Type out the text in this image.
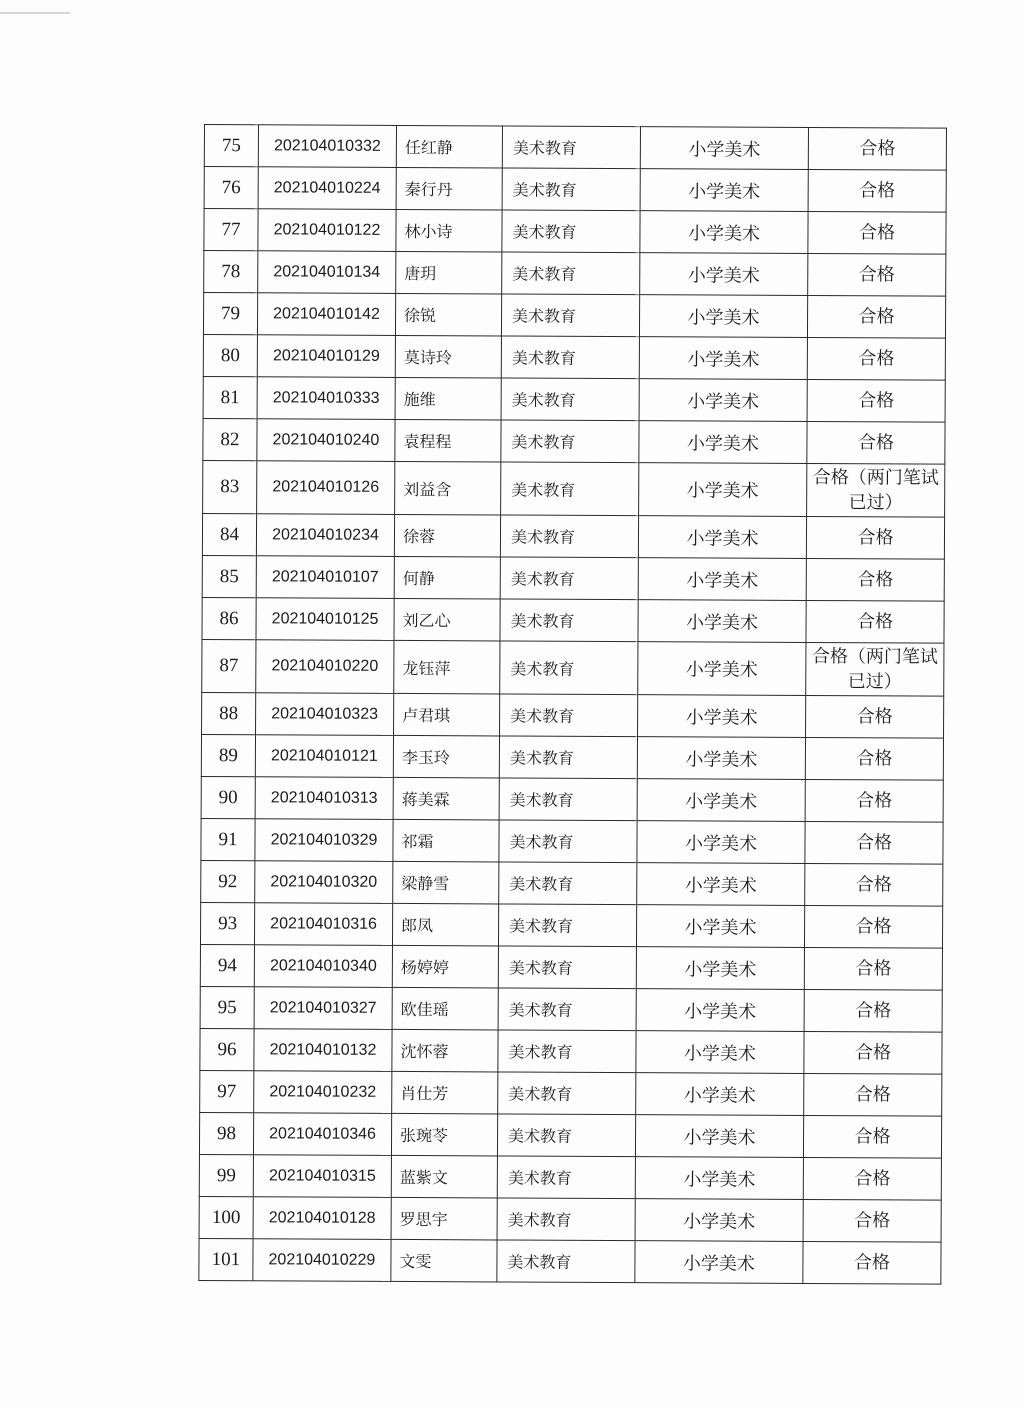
75	202104010332	任红静	美术教育	小学美术	合格
76	202104010224	秦行丹	美术教育	小学美术	合格
77	202104010122	林小诗	美术教育	小学美术	合格
78	202104010134	唐玥	美术教育	小学美术	合格
79	202104010142	徐锐	美术教育	小学美术	合格
80	202104010129	莫诗玲	美术教育	小学美术	合格
81	202104010333	施维	美术教育	小学美术	合格
82	202104010240	袁程程	美术教育	小学美术	合格
83	202104010126	刘益含	美术教育	小学美术	合格（两门笔试已过）
84	202104010234	徐蓉	美术教育	小学美术	合格
85	202104010107	何静	美术教育	小学美术	合格
86	202104010125	刘乙心	美术教育	小学美术	合格
87	202104010220	龙钰萍	美术教育	小学美术	合格（两门笔试已过）
88	202104010323	卢君琪	美术教育	小学美术	合格
89	202104010121	李玉玲	美术教育	小学美术	合格
90	202104010313	蒋美霖	美术教育	小学美术	合格
91	202104010329	祁霜	美术教育	小学美术	合格
92	202104010320	梁静雪	美术教育	小学美术	合格
93	202104010316	郎凤	美术教育	小学美术	合格
94	202104010340	杨婷婷	美术教育	小学美术	合格
95	202104010327	欧佳瑶	美术教育	小学美术	合格
96	202104010132	沈怀蓉	美术教育	小学美术	合格
97	202104010232	肖仕芳	美术教育	小学美术	合格
98	202104010346	张琬苓	美术教育	小学美术	合格
99	202104010315	蓝紫文	美术教育	小学美术	合格
100	202104010128	罗思宇	美术教育	小学美术	合格
101	202104010229	文雯	美术教育	小学美术	合格
